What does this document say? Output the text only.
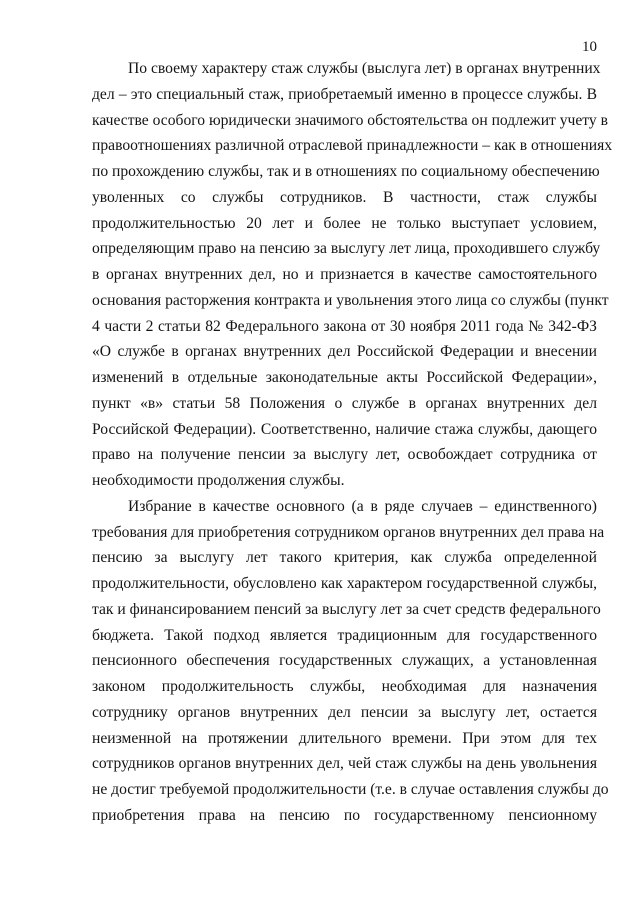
10
По своему характеру стаж службы (выслуга лет) в органах внутренних
дел – это специальный стаж, приобретаемый именно в процессе службы. В
качестве особого юридически значимого обстоятельства он подлежит учету в
правоотношениях различной отраслевой принадлежности – как в отношениях
по прохождению службы, так и в отношениях по социальному обеспечению
уволенных со службы сотрудников. В частности, стаж службы
продолжительностью 20 лет и более не только выступает условием,
определяющим право на пенсию за выслугу лет лица, проходившего службу
в органах внутренних дел, но и признается в качестве самостоятельного
основания расторжения контракта и увольнения этого лица со службы (пункт
4 части 2 статьи 82 Федерального закона от 30 ноября 2011 года № 342-ФЗ
«О службе в органах внутренних дел Российской Федерации и внесении
изменений в отдельные законодательные акты Российской Федерации»,
пункт «в» статьи 58 Положения о службе в органах внутренних дел
Российской Федерации). Соответственно, наличие стажа службы, дающего
право на получение пенсии за выслугу лет, освобождает сотрудника от
необходимости продолжения службы.
Избрание в качестве основного (а в ряде случаев – единственного)
требования для приобретения сотрудником органов внутренних дел права на
пенсию за выслугу лет такого критерия, как служба определенной
продолжительности, обусловлено как характером государственной службы,
так и финансированием пенсий за выслугу лет за счет средств федерального
бюджета. Такой подход является традиционным для государственного
пенсионного обеспечения государственных служащих, а установленная
законом продолжительность службы, необходимая для назначения
сотруднику органов внутренних дел пенсии за выслугу лет, остается
неизменной на протяжении длительного времени. При этом для тех
сотрудников органов внутренних дел, чей стаж службы на день увольнения
не достиг требуемой продолжительности (т.е. в случае оставления службы до
приобретения права на пенсию по государственному пенсионному
